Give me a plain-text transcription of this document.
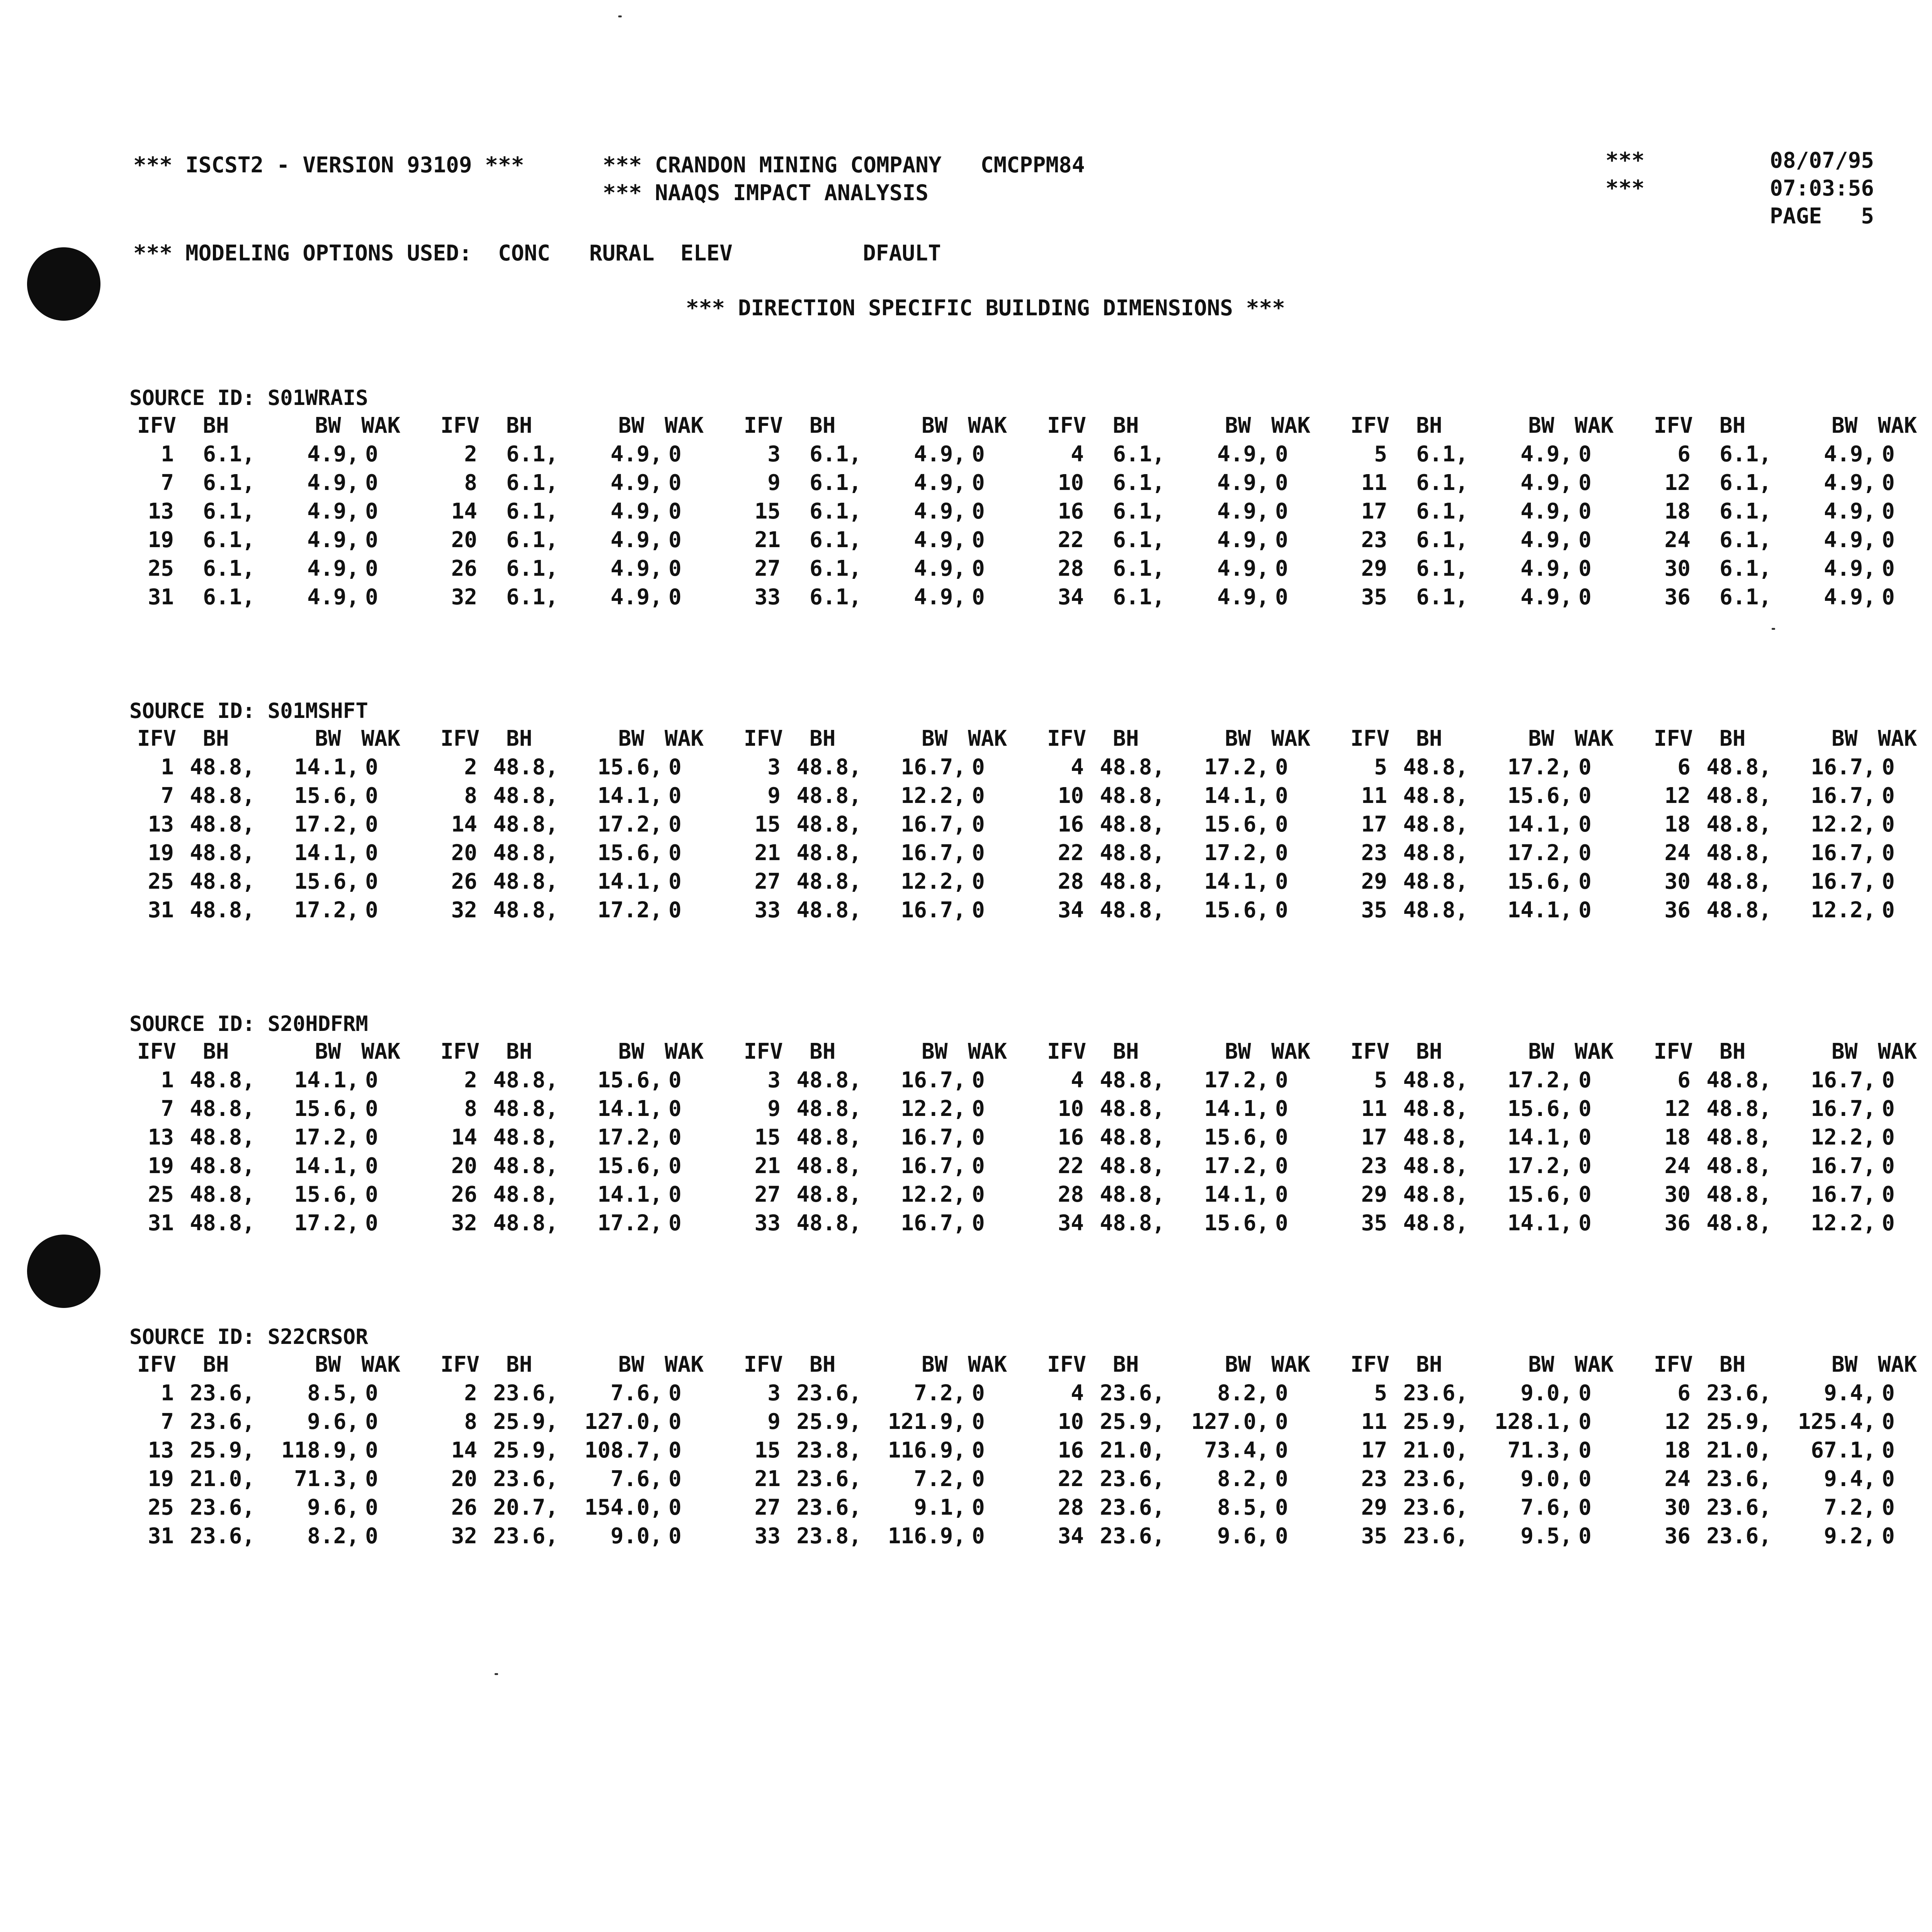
*** ISCST2 - VERSION 93109 ***	*** CRANDON MINING COMPANY   CMCPPM84
*** NAAQS IMPACT ANALYSIS
***
***
08/07/95
07:03:56
PAGE   5
*** MODELING OPTIONS USED:  CONC   RURAL  ELEV          DFAULT
*** DIRECTION SPECIFIC BUILDING DIMENSIONS ***
SOURCE ID: S01WRAIS
IFV BH	BW WAK
1	6.1,	4.9, 0
7	6.1,	4.9, 0
13	6.1,	4.9, 0
19	6.1,	4.9, 0
25	6.1,	4.9, 0
31	6.1,	4.9, 0
IFV BH	BW WAK
2	6.1,	4.9, 0
8	6.1,	4.9, 0
14	6.1,	4.9, 0
20	6.1,	4.9, 0
26	6.1,	4.9, 0
32	6.1,	4.9, 0
IFV BH	BW WAK
3	6.1,	4.9, 0
9	6.1,	4.9, 0
15	6.1,	4.9, 0
21	6.1,	4.9, 0
27	6.1,	4.9, 0
33	6.1,	4.9, 0
IFV BH	BW WAK
4	6.1,	4.9, 0
10	6.1,	4.9, 0
16	6.1,	4.9, 0
22	6.1,	4.9, 0
28	6.1,	4.9, 0
34	6.1,	4.9, 0
IFV BH	BW WAK
5	6.1,	4.9, 0
11	6.1,	4.9, 0
17	6.1,	4.9, 0
23	6.1,	4.9, 0
29	6.1,	4.9, 0
35	6.1,	4.9, 0
IFV BH	BW WAK
6	6.1,	4.9, 0
12	6.1,	4.9, 0
18	6.1,	4.9, 0
24	6.1,	4.9, 0
30	6.1,	4.9, 0
36	6.1,	4.9, 0
SOURCE ID: S01MSHFT
IFV BH	BW WAK
1 48.8,	14.1, 0
7 48.8,	15.6, 0
13 48.8,	17.2, 0
19 48.8,	14.1, 0
25 48.8,	15.6, 0
31 48.8,	17.2, 0
IFV BH	BW WAK
2 48.8,	15.6, 0
8 48.8,	14.1, 0
14 48.8,	17.2, 0
20 48.8,	15.6, 0
26 48.8,	14.1, 0
32 48.8,	17.2, 0
IFV BH	BW WAK
3 48.8,	16.7, 0
9 48.8,	12.2, 0
15 48.8,	16.7, 0
21 48.8,	16.7, 0
27 48.8,	12.2, 0
33 48.8,	16.7, 0
IFV BH	BW WAK
4 48.8,	17.2, 0
10 48.8,	14.1, 0
16 48.8,	15.6, 0
22 48.8,	17.2, 0
28 48.8,	14.1, 0
34 48.8,	15.6, 0
IFV BH	BW WAK
5 48.8,	17.2, 0
11 48.8,	15.6, 0
17 48.8,	14.1, 0
23 48.8,	17.2, 0
29 48.8,	15.6, 0
35 48.8,	14.1, 0
IFV BH	BW WAK
6 48.8,	16.7, 0
12 48.8,	16.7, 0
18 48.8,	12.2, 0
24 48.8,	16.7, 0
30 48.8,	16.7, 0
36 48.8,	12.2, 0
SOURCE ID: S20HDFRM
IFV BH	BW WAK
1 48.8,	14.1, 0
7 48.8,	15.6, 0
13 48.8,	17.2, 0
19 48.8,	14.1, 0
25 48.8,	15.6, 0
31 48.8,	17.2, 0
IFV BH	BW WAK
2 48.8,	15.6, 0
8 48.8,	14.1, 0
14 48.8,	17.2, 0
20 48.8,	15.6, 0
26 48.8,	14.1, 0
32 48.8,	17.2, 0
IFV BH	BW WAK
3 48.8,	16.7, 0
9 48.8,	12.2, 0
15 48.8,	16.7, 0
21 48.8,	16.7, 0
27 48.8,	12.2, 0
33 48.8,	16.7, 0
IFV BH	BW WAK
4 48.8,	17.2, 0
10 48.8,	14.1, 0
16 48.8,	15.6, 0
22 48.8,	17.2, 0
28 48.8,	14.1, 0
34 48.8,	15.6, 0
IFV BH	BW WAK
5 48.8,	17.2, 0
11 48.8,	15.6, 0
17 48.8,	14.1, 0
23 48.8,	17.2, 0
29 48.8,	15.6, 0
35 48.8,	14.1, 0
IFV BH	BW WAK
6 48.8,	16.7, 0
12 48.8,	16.7, 0
18 48.8,	12.2, 0
24 48.8,	16.7, 0
30 48.8,	16.7, 0
36 48.8,	12.2, 0
SOURCE ID: S22CRSOR
IFV BH	BW WAK
1 23.6,	8.5, 0
7 23.6,	9.6, 0
13 25.9,	118.9, 0
19 21.0,	71.3, 0
25 23.6,	9.6, 0
31 23.6,	8.2, 0
IFV BH	BW WAK
2 23.6,	7.6, 0
8 25.9,	127.0, 0
14 25.9,	108.7, 0
20 23.6,	7.6, 0
26 20.7,	154.0, 0
32 23.6,	9.0, 0
IFV BH	BW WAK
3 23.6,	7.2, 0
9 25.9,	121.9, 0
15 23.8,	116.9, 0
21 23.6,	7.2, 0
27 23.6,	9.1, 0
33 23.8,	116.9, 0
IFV BH	BW WAK
4 23.6,	8.2, 0
10 25.9,	127.0, 0
16 21.0,	73.4, 0
22 23.6,	8.2, 0
28 23.6,	8.5, 0
34 23.6,	9.6, 0
IFV BH	BW WAK
5 23.6,	9.0, 0
11 25.9,	128.1, 0
17 21.0,	71.3, 0
23 23.6,	9.0, 0
29 23.6,	7.6, 0
35 23.6,	9.5, 0
IFV BH	BW WAK
6 23.6,	9.4, 0
12 25.9,	125.4, 0
18 21.0,	67.1, 0
24 23.6,	9.4, 0
30 23.6,	7.2, 0
36 23.6,	9.2, 0
